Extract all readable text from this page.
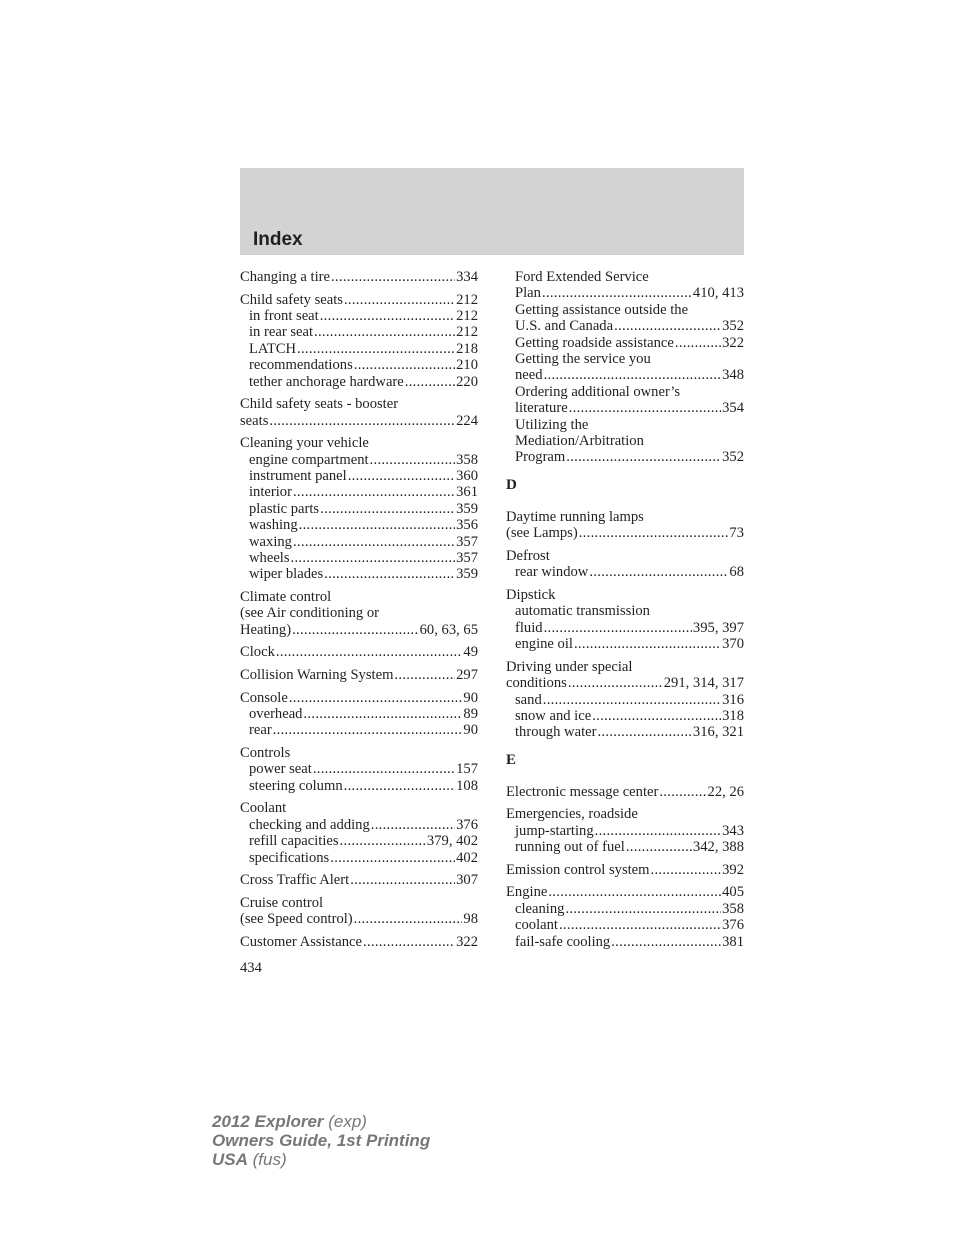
Index
Changing a tire .....	334
Child safety seats .....	212
in front seat .....	212
in rear seat .....	212
LATCH .....	218
recommendations .....	210
tether anchorage hardware .....	220
Child safety seats - booster
seats .....	224
Cleaning your vehicle
engine compartment .....	358
instrument panel .....	360
interior .....	361
plastic parts .....	359
washing .....	356
waxing .....	357
wheels .....	357
wiper blades .....	359
Climate control
(see Air conditioning or
Heating) .....	60, 63, 65
Clock .....	49
Collision Warning System .....	297
Console .....	90
overhead .....	89
rear .....	90
Controls
power seat .....	157
steering column .....	108
Coolant
checking and adding .....	376
refill capacities .....	379, 402
specifications .....	402
Cross Traffic Alert .....	307
Cruise control
(see Speed control) .....	98
Customer Assistance .....	322
Ford Extended Service
Plan .....	410, 413
Getting assistance outside the
U.S. and Canada .....	352
Getting roadside assistance .....	322
Getting the service you
need .....	348
Ordering additional owner’s
literature .....	354
Utilizing the
Mediation/Arbitration
Program .....	352
D
Daytime running lamps
(see Lamps) .....	73
Defrost
rear window .....	68
Dipstick
automatic transmission
fluid .....	395, 397
engine oil .....	370
Driving under special
conditions .....	291, 314, 317
sand .....	316
snow and ice .....	318
through water .....	316, 321
E
Electronic message center .....	22, 26
Emergencies, roadside
jump-starting .....	343
running out of fuel .....	342, 388
Emission control system .....	392
Engine .....	405
cleaning .....	358
coolant .....	376
fail-safe cooling .....	381
434
2012 Explorer (exp)
Owners Guide, 1st Printing
USA (fus)
